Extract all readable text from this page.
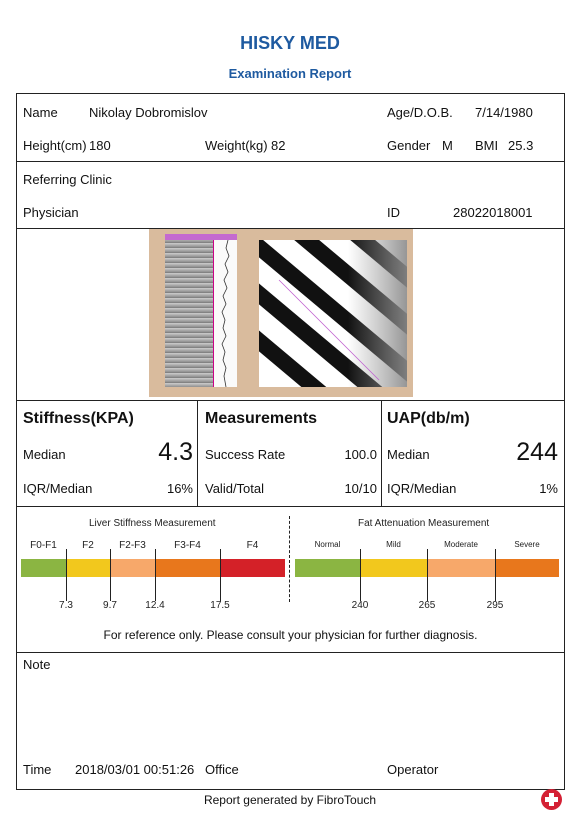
HISKY MED
Examination Report
Name Nikolay Dobromislov	Age/D.O.B. 7/14/1980
Height(cm) 180	Weight(kg) 82	Gender M BMI 25.3
Referring Clinic
Physician	ID	28022018001
Stiffness(KPA)
Median	4.3
IQR/Median	16%
Measurements
Success Rate	100.0
Valid/Total	10/10
UAP(db/m)
Median	244
IQR/Median	1%
Liver Stiffness Measurement	Fat Attenuation Measurement
F0-F1	F2	F2-F3	F3-F4	F4
7.3	9.7	12.4	17.5
Normal	Mild	Moderate	Severe
240	265	295
For reference only. Please consult your physician for further diagnosis.
Note
Time 2018/03/01 00:51:26 Office	Operator
Report generated by FibroTouch
